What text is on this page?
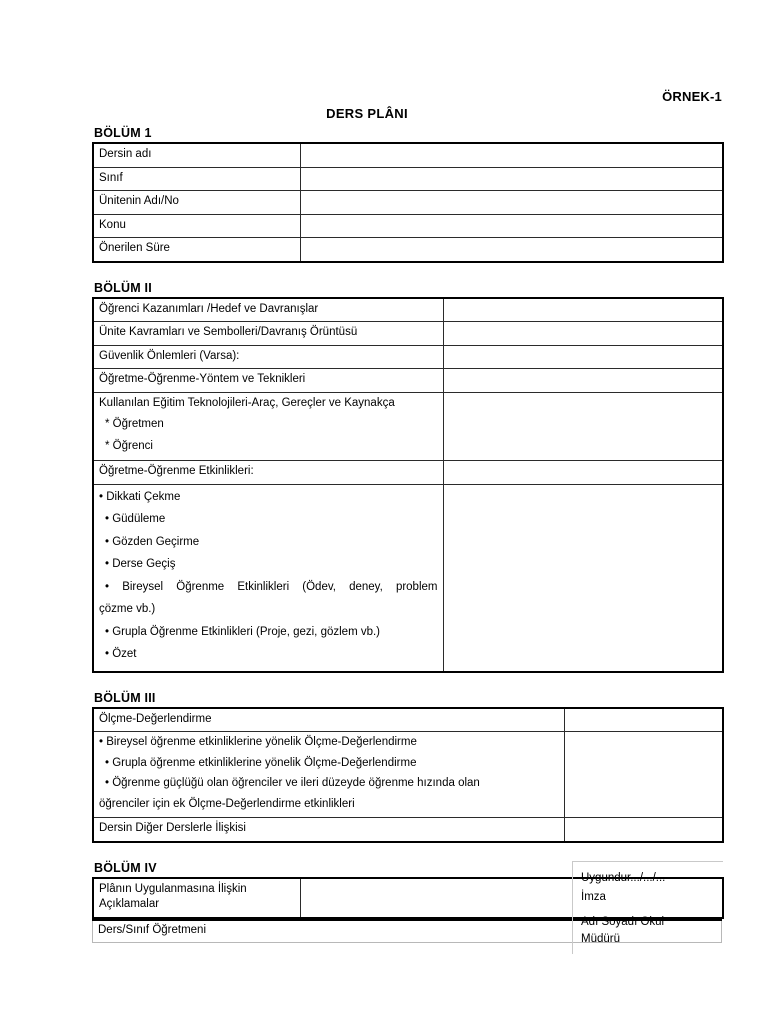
ÖRNEK-1
DERS PLÂNI
BÖLÜM 1
Dersin adı	
Sınıf	
Ünitenin Adı/No	
Konu	
Önerilen Süre	
BÖLÜM II
Öğrenci Kazanımları /Hedef ve Davranışlar	
Ünite Kavramları ve Sembolleri/Davranış Örüntüsü	
Güvenlik Önlemleri (Varsa):	
Öğretme-Öğrenme-Yöntem ve Teknikleri	

Kullanılan Eğitim Teknolojileri-Araç, Gereçler ve Kaynakça
* Öğretmen
* Öğrenci	

Öğretme-Öğrenme Etkinlikleri:	

• Dikkati Çekme

• Güdüleme

• Gözden Geçirme

• Derse Geçiş

• Bireysel Öğrenme Etkinlikleri (Ödev, deney, problem

çözme vb.)

• Grupla Öğrenme Etkinlikleri (Proje, gezi, gözlem vb.)

• Özet

BÖLÜM III
Ölçme-Değerlendirme	

• Bireysel öğrenme etkinliklerine yönelik Ölçme-Değerlendirme

• Grupla öğrenme etkinliklerine yönelik Ölçme-Değerlendirme

• Öğrenme güçlüğü olan öğrenciler ve ileri düzeyde öğrenme hızında olan

öğrenciler için ek Ölçme-Değerlendirme etkinlikleri	

Dersin Diğer Derslerle İlişkisi	
BÖLÜM IV
Plânın Uygulanmasına İlişkin
Açıklamalar

Ders/Sınıf Öğretmeni

Uygundur.../.../...

İmza

Adı Soyadı Okul

Müdürü
